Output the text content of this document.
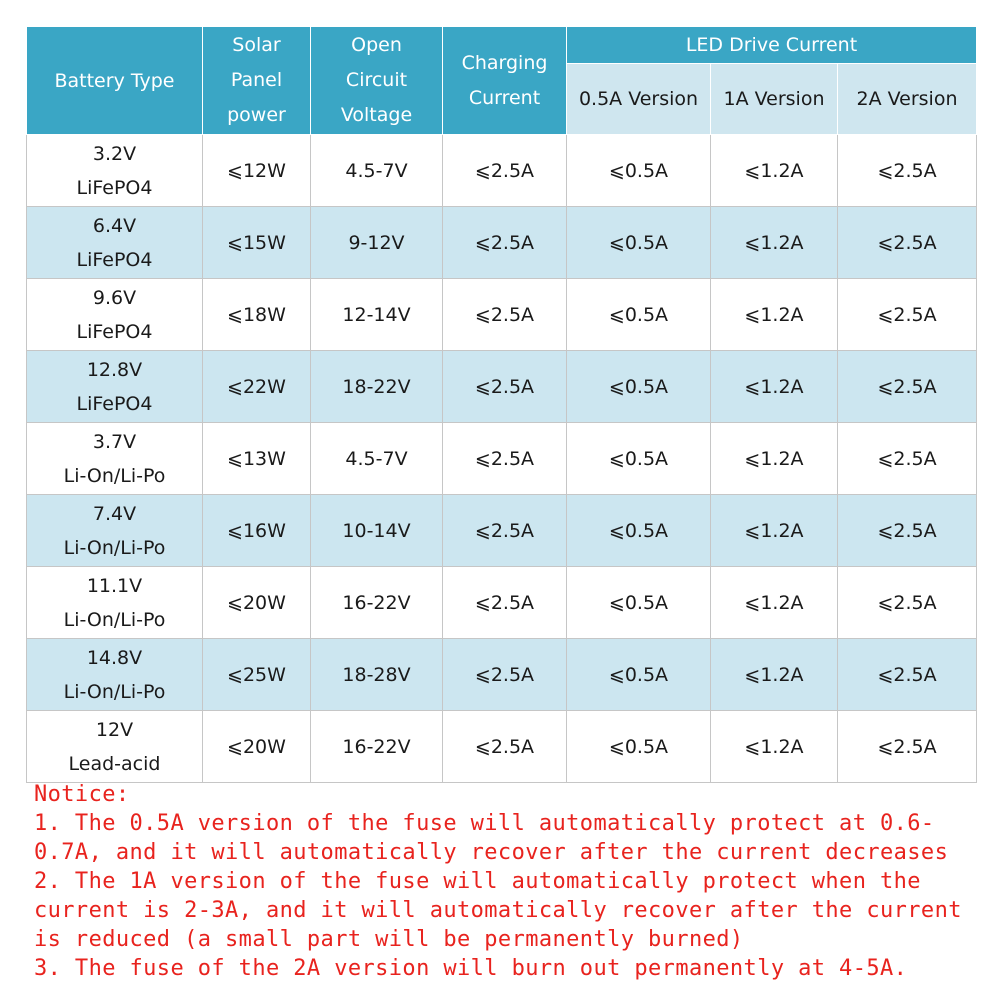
Battery Type	Solar
Panel
power	Open
Circuit
Voltage	Charging
Current	LED Drive Current		
				0.5A Version	1A Version	2A Version

3.2V
LiFePO4	⩽12W	4.5-7V	⩽2.5A	⩽0.5A	⩽1.2A	⩽2.5A

6.4V
LiFePO4	⩽15W	9-12V	⩽2.5A	⩽0.5A	⩽1.2A	⩽2.5A

9.6V
LiFePO4	⩽18W	12-14V	⩽2.5A	⩽0.5A	⩽1.2A	⩽2.5A

12.8V
LiFePO4	⩽22W	18-22V	⩽2.5A	⩽0.5A	⩽1.2A	⩽2.5A

3.7V
Li-On/Li-Po	⩽13W	4.5-7V	⩽2.5A	⩽0.5A	⩽1.2A	⩽2.5A

7.4V
Li-On/Li-Po	⩽16W	10-14V	⩽2.5A	⩽0.5A	⩽1.2A	⩽2.5A

11.1V
Li-On/Li-Po	⩽20W	16-22V	⩽2.5A	⩽0.5A	⩽1.2A	⩽2.5A

14.8V
Li-On/Li-Po	⩽25W	18-28V	⩽2.5A	⩽0.5A	⩽1.2A	⩽2.5A

12V
Lead-acid	⩽20W	16-22V	⩽2.5A	⩽0.5A	⩽1.2A	⩽2.5A

Notice:

1. The 0.5A version of the fuse will automatically protect at 0.6-0.7A, and it will automatically recover after the current decreases

2. The 1A version of the fuse will automatically protect when the current is 2-3A, and it will automatically recover after the current is reduced (a small part will be permanently burned)

3. The fuse of the 2A version will burn out permanently at 4-5A.
